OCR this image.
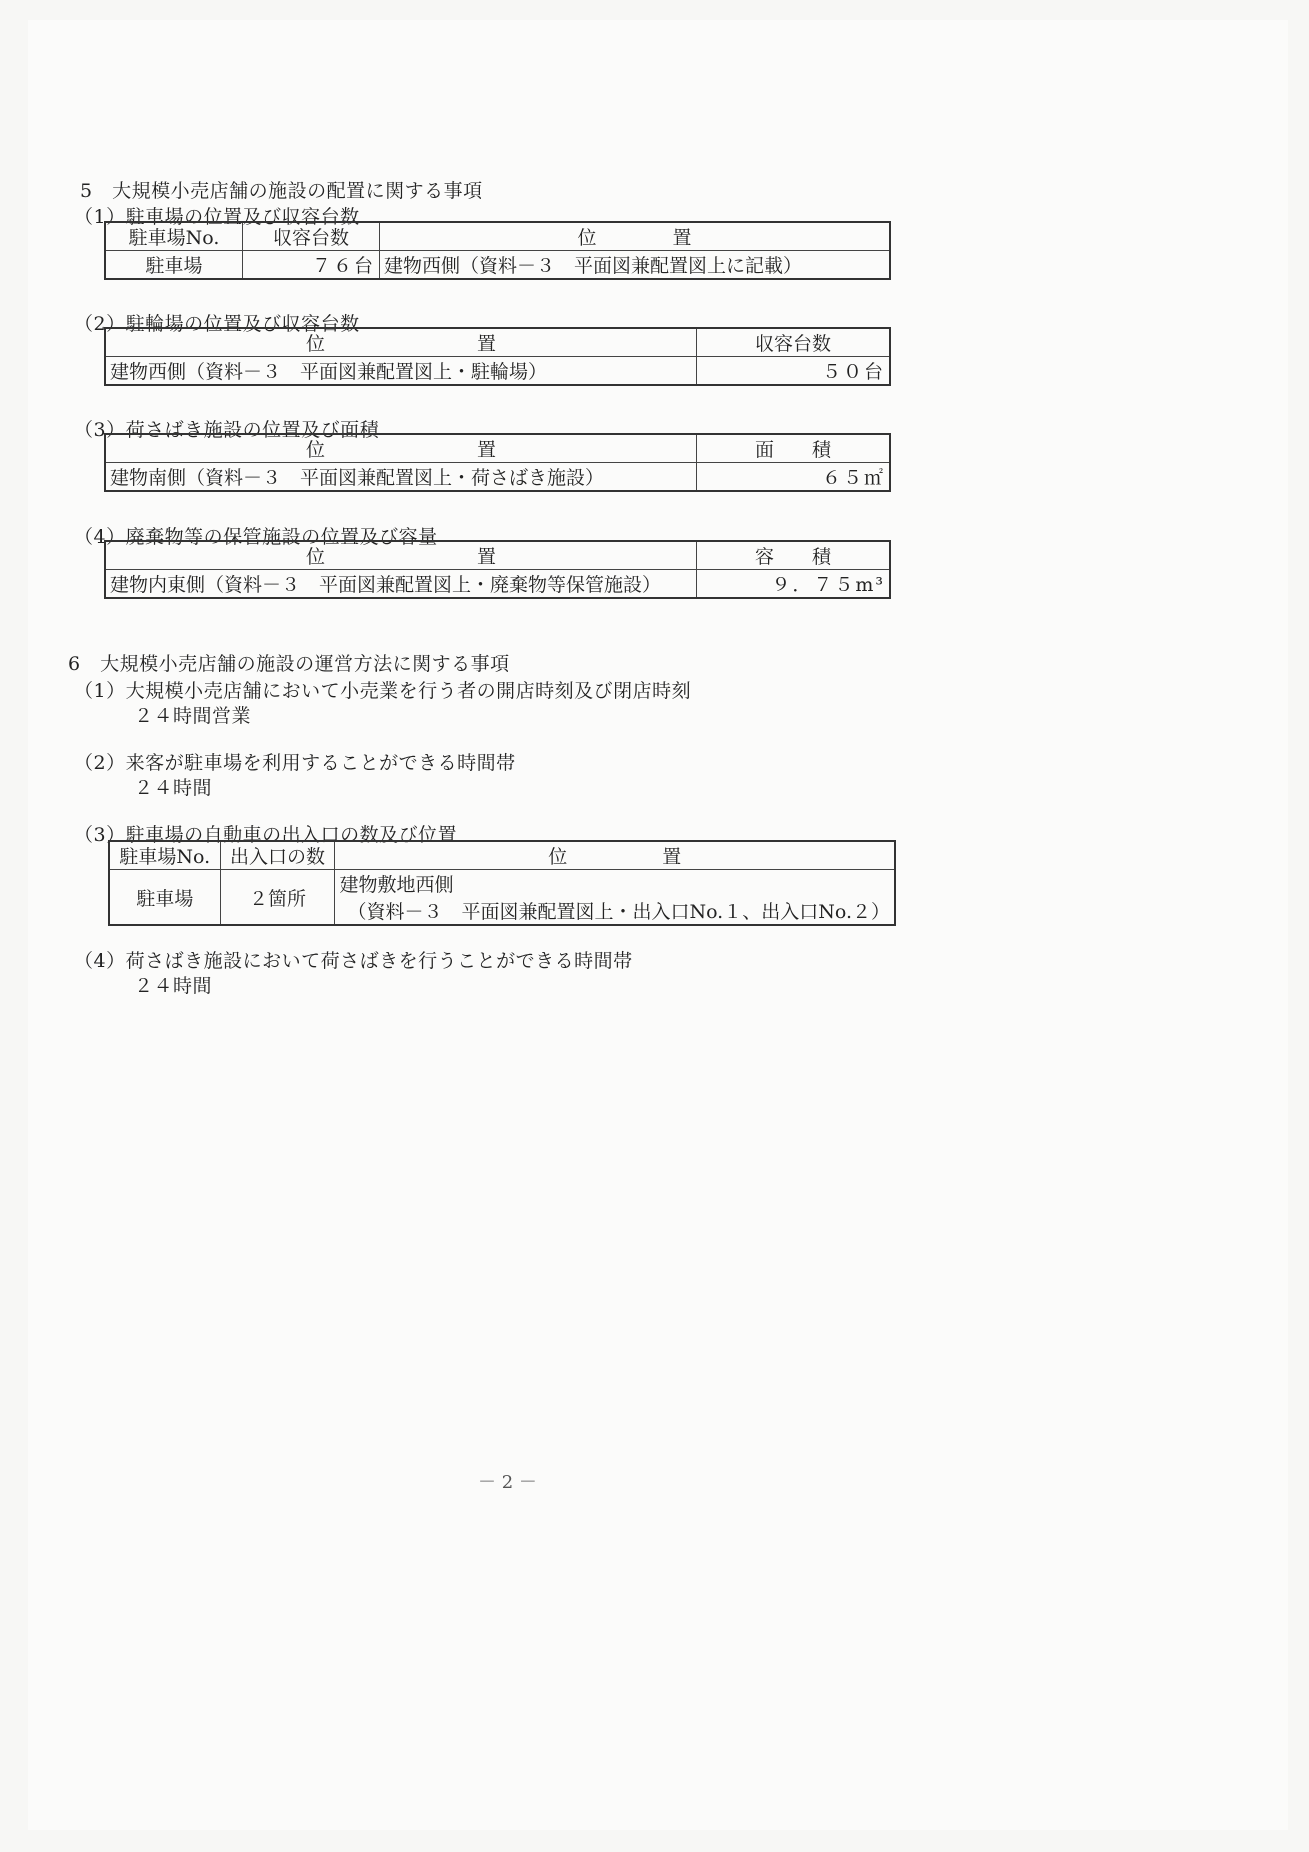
5　大規模小売店舗の施設の配置に関する事項
（1）駐車場の位置及び収容台数
駐車場No.	収容台数	位　　　　置
駐車場	７６台	建物西側（資料－３　平面図兼配置図上に記載）
（2）駐輪場の位置及び収容台数
位　　　　　　　　置	収容台数
建物西側（資料－３　平面図兼配置図上・駐輪場）	５０台
（3）荷さばき施設の位置及び面積
位　　　　　　　　置	面　　積
建物南側（資料－３　平面図兼配置図上・荷さばき施設）	６５㎡
（4）廃棄物等の保管施設の位置及び容量
位　　　　　　　　置	容　　積
建物内東側（資料－３　平面図兼配置図上・廃棄物等保管施設）	９．７５m³
6　大規模小売店舗の施設の運営方法に関する事項
（1）大規模小売店舗において小売業を行う者の開店時刻及び閉店時刻
２４時間営業
（2）来客が駐車場を利用することができる時間帯
２４時間
（3）駐車場の自動車の出入口の数及び位置
駐車場No.	出入口の数	位　　　　　置
駐車場	２箇所	建物敷地西側
（資料－３　平面図兼配置図上・出入口No.１、出入口No.２）
（4）荷さばき施設において荷さばきを行うことができる時間帯
２４時間
－ 2 －
